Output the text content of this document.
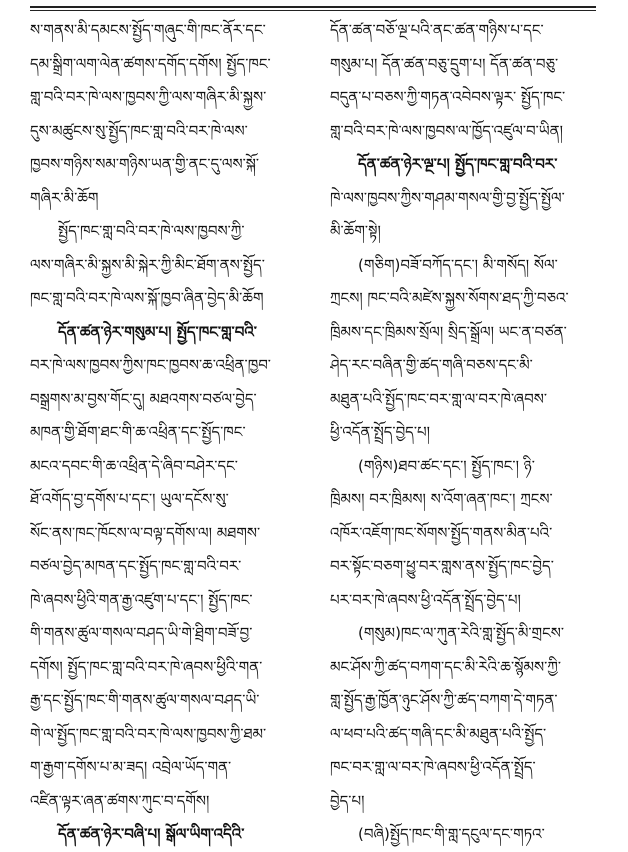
ས་གནས་མི་དམངས་སྤྱོད་གཞུང་གི་ཁང་ནོར་དང་
དམ་སྒྲིག་ལག་ལེན་ཚགས་དགོད་དགོས། སྤྱོད་ཁང་
གླ་བའི་བར་ཁེ་ལས་ཁྱབས་ཀྱི་ལས་གཞིར་མི་སྐྱས་
དུས་མཚུངས་སུ་སྤྱོད་ཁང་གླ་བའི་བར་ཁེ་ལས་
ཁྱབས་གཉིས་སམ་གཉིས་ཡན་གྱི་ནང་དུ་ལས་སྐོ་
གཞིར་མི་ཆོག
སྤྱོད་ཁང་གླ་བའི་བར་ཁེ་ལས་ཁྱབས་ཀྱི་
ལས་གཞིར་མི་སྐྱས་མི་སྐེར་ཀྱི་མིང་ཐོག་ནས་སྤྱོད་
ཁང་གླ་བའི་བར་ཁེ་ལས་སྐོ་ཁྱབ་ཞིན་བྱེད་མི་ཆོག
དོན་ཚན་ཉེར་གསུམ་པ། སྤྱོད་ཁང་གླ་བའི་
བར་ཁེ་ལས་ཁྱབས་ཀྱིས་ཁང་ཁྱབས་ཆ་འཕྲིན་ཁྱབ་
བསྒྲགས་མ་བྱས་གོང་དུ། མཐའགས་བཙལ་བྱེད་
མཁན་གྱི་ཐོག་ཐང་གི་ཆ་འཕྲིན་དང་སྤྱོད་ཁང་
མངའ་དབང་གི་ཆ་འཕྲིན་དེ་ཞིབ་བཤེར་དང་
ཐོ་འགོད་བྱ་དགོས་པ་དང་། ཡུལ་དངོས་སུ་
སོང་ནས་ཁང་ཁོངས་ལ་བལྟ་དགོས་ལ། མཐགས་
བཙལ་བྱེད་མཁན་དང་སྤྱོད་ཁང་གླ་བའི་བར་
ཁེ་ཞབས་ཕྱིའི་གན་རྒྱ་འཛུག་པ་དང་། སྤྱོད་ཁང་
གི་གནས་ཚུལ་གསལ་བཤད་ཡི་གེ་ཐྲིག་བཟོ་བྱ་
དགོས། སྤྱོད་ཁང་གླ་བའི་བར་ཁེ་ཞབས་ཕྱིའི་གན་
རྒྱ་དང་སྤྱོད་ཁང་གི་གནས་ཚུལ་གསལ་བཤད་ཡི་
གེ་ལ་སྤྱོད་ཁང་གླ་བའི་བར་ཁེ་ལས་ཁྱབས་ཀྱི་ཐམ་
ག་རྒྱག་དགོས་པ་མ་ཟད། འབྲེལ་ཡོད་གན་
འཛིན་ལྟར་ཞན་ཚགས་ཀུང་བ་དགོས།
དོན་ཚན་ཉེར་བཞི་པ། སྒོལ་ཡིག་འདིའི་
དོན་ཚན་བཅོ་ལྔ་པའི་ནང་ཚན་གཉིས་པ་དང་
གསུམ་པ། དོན་ཚན་བཅུ་དྲུག་པ། དོན་ཚན་བཅུ་
བདུན་པ་བཅས་ཀྱི་གཏན་འབེབས་ལྟར་ སྤྱོད་ཁང་
གླ་བའི་བར་ཁེ་ལས་ཁྱབས་ལ་ཁྱོད་འཛུལ་བ་ཡིན།
དོན་ཚན་ཉེར་ལྔ་པ། སྤྱོད་ཁང་གླ་བའི་བར་
ཁེ་ལས་ཁྱབས་ཀྱིས་གཤམ་གསལ་གྱི་བྱ་སྤྱོད་སྤྱོལ་
མི་ཆོག་སྟེ།
(གཅིག)བཟོ་བཀོད་དང་། མི་གསོད། སོལ་
ཀྲངས། ཁང་བའི་མཛེས་སྐྱས་སོགས་ཐད་ཀྱི་བཅའ་
ཁྲིམས་དང་ཁྲིམས་སྲོལ། སྲིད་སྒྲོལ། ཡང་ན་བཙན་
ཤེད་རང་བཞིན་གྱི་ཚད་གཞི་བཅས་དང་མི་
མཐུན་པའི་སྤྱོད་ཁང་བར་གླ་ལ་བར་ཁེ་ཞབས་
ཕྱི་འདོན་སྤྲོད་བྱེད་པ།
(གཉིས)ཐབ་ཚང་དང་། སྤྱོད་ཁང་། ཉི་
ཁྲིམས། བར་ཁྲིམས། ས་འོག་ཞན་ཁང་། ཀྲངས་
འཁོར་འཇོག་ཁང་སོགས་སྤྱོད་གནས་མིན་པའི་
བར་སྟོང་བཅག་ཕྱུ་བར་གླས་ནས་སྤྱོད་ཁང་བྱེད་
པར་བར་ཁེ་ཞབས་ཕྱི་འདོན་སྤྲོད་བྱེད་པ།
(གསུམ)ཁང་ལ་ཀུན་རེའི་གླ་སྤྱོད་མི་གྲངས་
མང་ཤོས་ཀྱི་ཚད་བཀག་དང་མི་རེའི་ཆ་སྙོམས་ཀྱི་
གླ་སྤྱོད་རྒྱ་ཁྱོན་ཉུང་ཤོས་ཀྱི་ཚད་བཀག་དེ་གཏན་
ལ་ཕབ་པའི་ཚད་གཞི་དང་མི་མཐུན་པའི་སྤྱོད་
ཁང་བར་གླ་ལ་བར་ཁེ་ཞབས་ཕྱི་འདོན་སྤྲོད་
བྱེད་པ།
(བཞི)སྤྱོད་ཁང་གི་གླ་དངུལ་དང་གཏའ་
